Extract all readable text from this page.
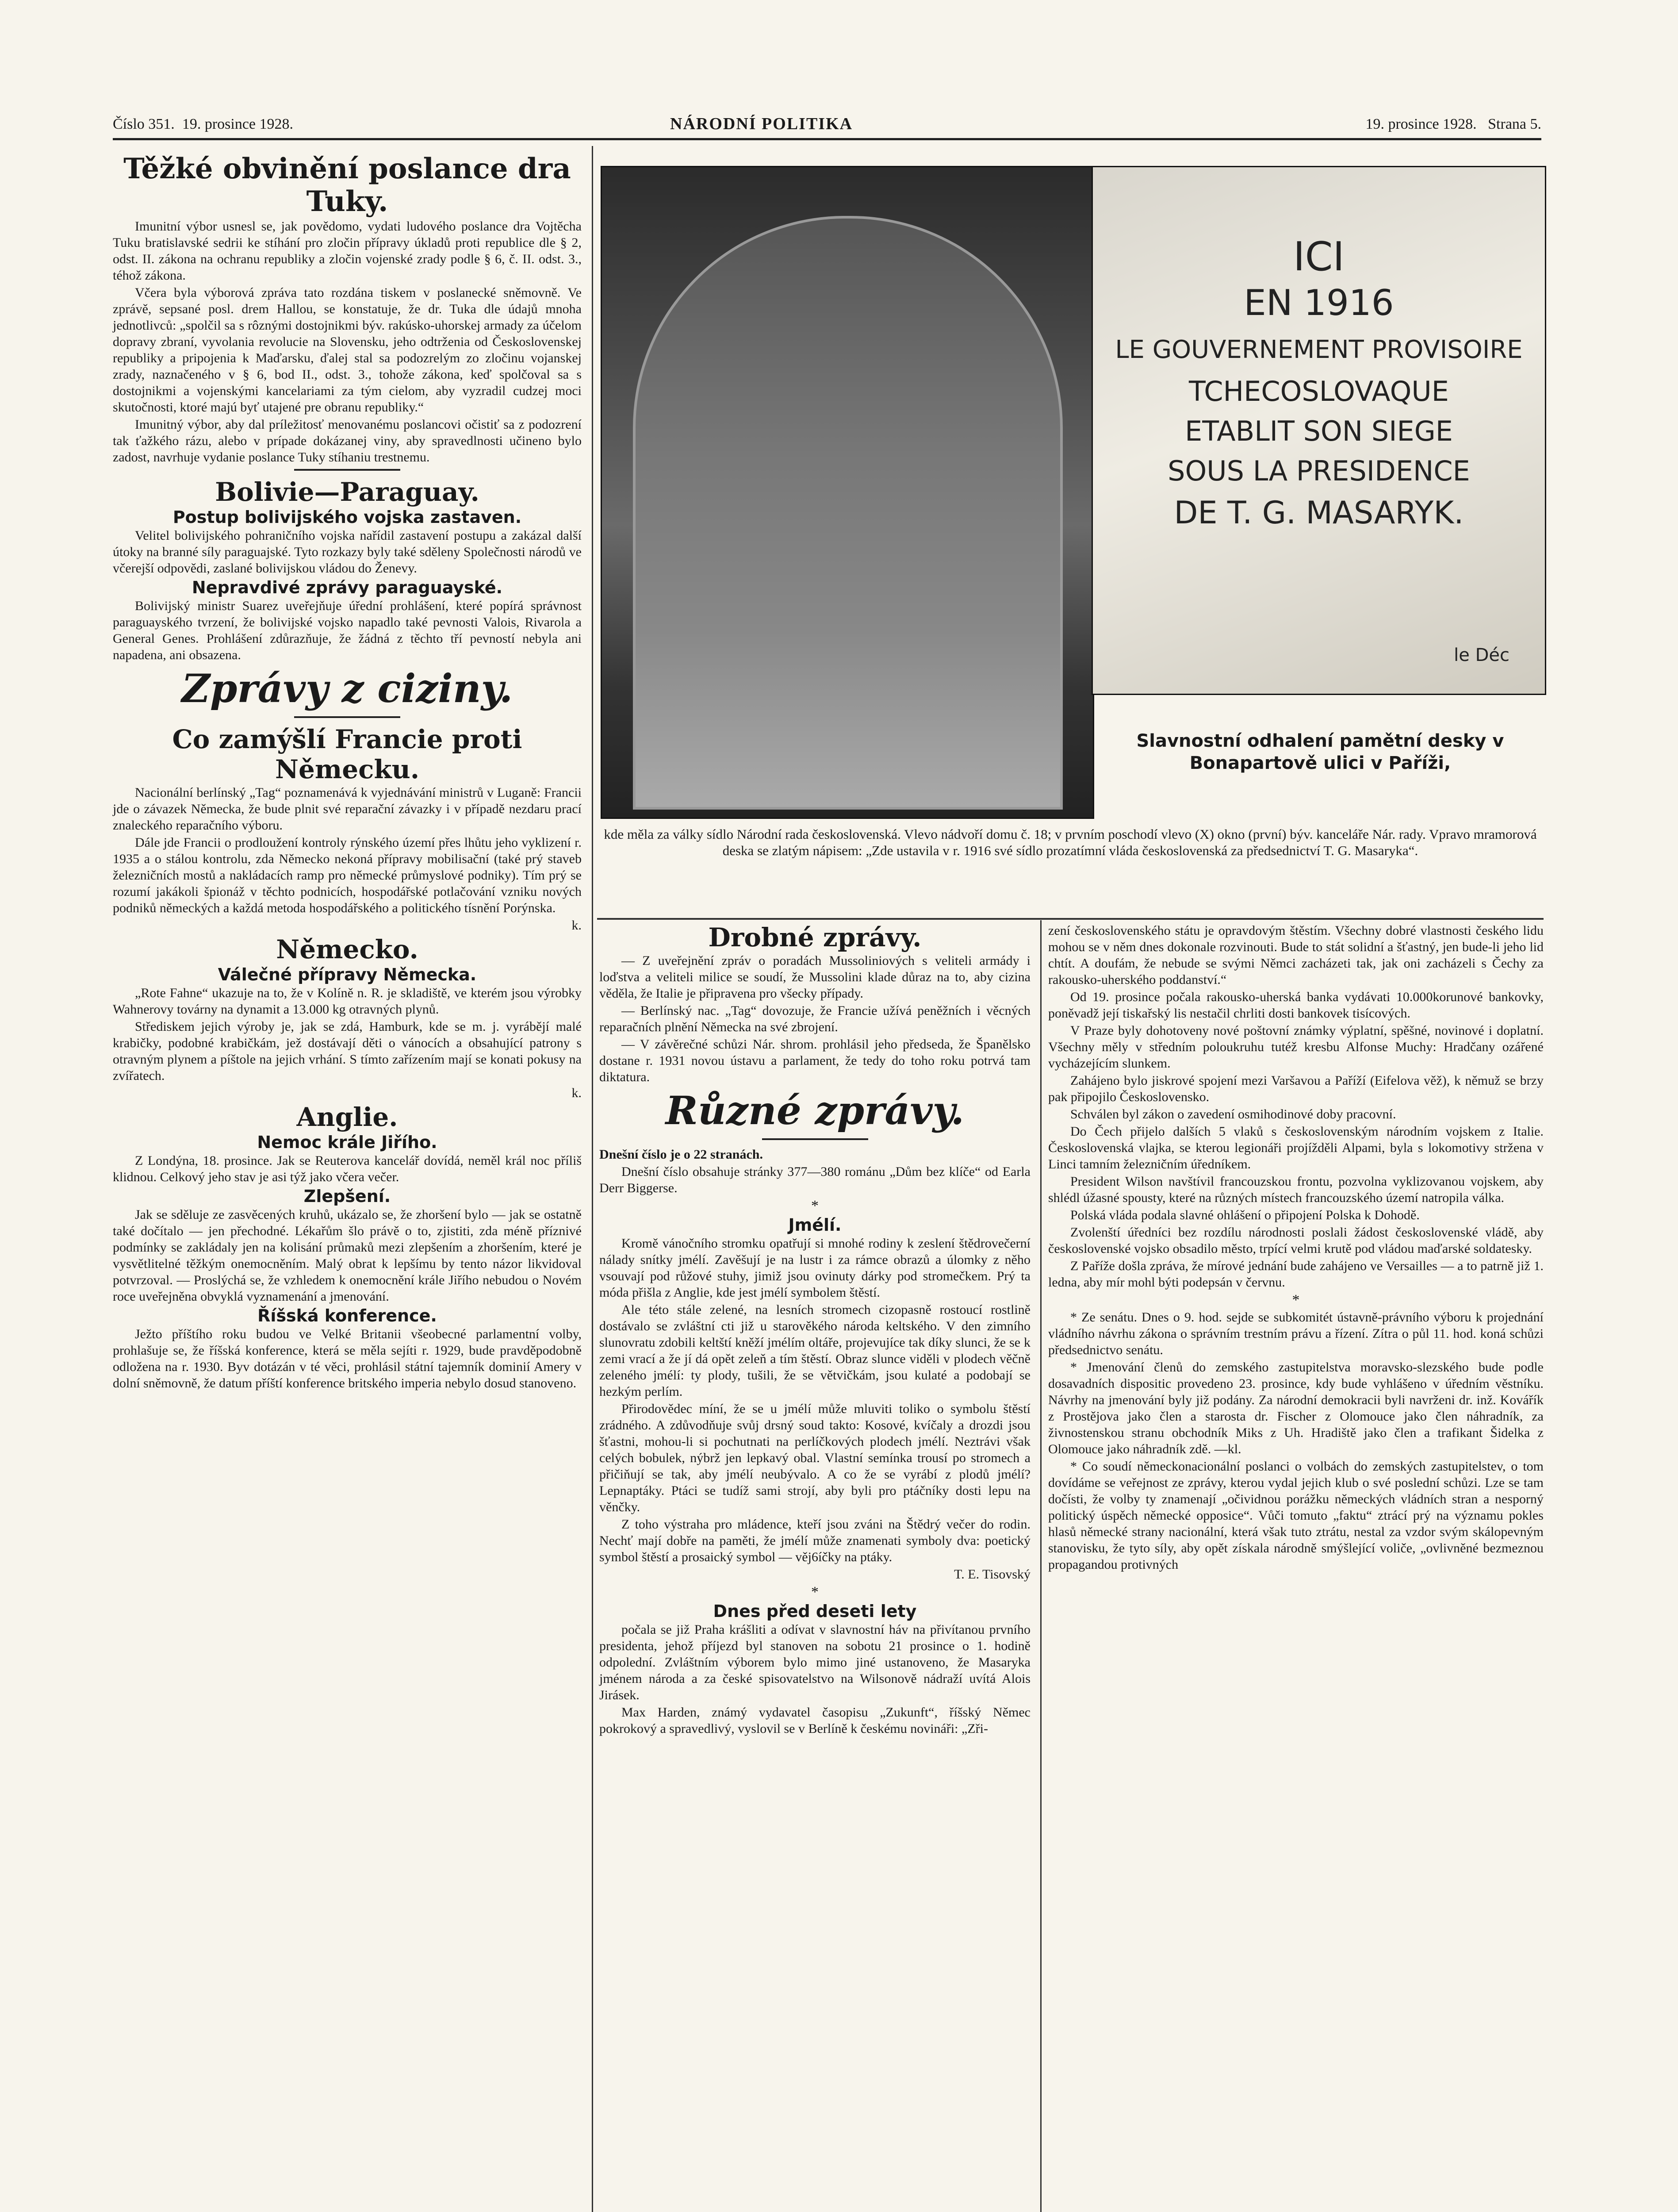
Číslo 351. 19. prosince 1928.	NÁRODNÍ POLITIKA	19. prosince 1928. Strana 5.
Těžké obvinění poslance dra Tuky.

Imunitní výbor usnesl se, jak povědomo, vydati ludového poslance dra Vojtěcha Tuku bratislavské sedrii ke stíhání pro zločin přípravy úkladů proti republice dle § 2, odst. II. zákona na ochranu republiky a zločin vojenské zrady podle § 6, č. II. odst. 3., téhož zákona.

Včera byla výborová zpráva tato rozdána tiskem v poslanecké sněmovně. Ve zprávě, sepsané posl. drem Hallou, se konstatuje, že dr. Tuka dle údajů mnoha jednotlivců: „spolčil sa s rôznými dostojnikmi býv. rakúsko-uhorskej armady za účelom dopravy zbraní, vyvolania revolucie na Slovensku, jeho odtrženia od Československej republiky a pripojenia k Maďarsku, ďalej stal sa podozrelým zo zločinu vojanskej zrady, naznačeného v § 6, bod II., odst. 3., tohože zákona, keď spolčoval sa s dostojnikmi a vojenskými kancelariami za tým cielom, aby vyzradil cudzej moci skutočnosti, ktoré majú byť utajené pre obranu republiky.“

Imunitný výbor, aby dal príležitosť menovanému poslancovi očistiť sa z podozrení tak ťažkého rázu, alebo v prípade dokázanej viny, aby spravedlnosti učineno bylo zadost, navrhuje vydanie poslance Tuky stíhaniu trestnemu.

Bolivie—Paraguay.
Postup bolivijského vojska zastaven.

Velitel bolivijského pohraničního vojska nařídil zastavení postupu a zakázal další útoky na branné síly paraguajské. Tyto rozkazy byly také sděleny Společnosti národů ve včerejší odpovědi, zaslané bolivijskou vládou do Ženevy.

Nepravdivé zprávy paraguayské.

Bolivijský ministr Suarez uveřejňuje úřední prohlášení, které popírá správnost paraguayského tvrzení, že bolivijské vojsko napadlo také pevnosti Valois, Rivarola a General Genes. Prohlášení zdůrazňuje, že žádná z těchto tří pevností nebyla ani napadena, ani obsazena.

Zprávy z ciziny.
Co zamýšlí Francie proti Německu.

Nacionální berlínský „Tag“ poznamenává k vyjednávání ministrů v Luganě: Francii jde o závazek Německa, že bude plnit své reparační závazky i v případě nezdaru prací znaleckého reparačního výboru.

Dále jde Francii o prodloužení kontroly rýnského území přes lhůtu jeho vyklizení r. 1935 a o stálou kontrolu, zda Německo nekoná přípravy mobilisační (také prý staveb železničních mostů a nakládacích ramp pro německé průmyslové podniky). Tím prý se rozumí jakákoli špionáž v těchto podnicích, hospodářské potlačování vzniku nových podniků německých a každá metoda hospodářského a politického tísnění Porýnska.

k.

Německo.
Válečné přípravy Německa.

„Rote Fahne“ ukazuje na to, že v Kolíně n. R. je skladiště, ve kterém jsou výrobky Wahnerovy továrny na dynamit a 13.000 kg otravných plynů.

Střediskem jejich výroby je, jak se zdá, Hamburk, kde se m. j. vyrábějí malé krabičky, podobné krabičkám, jež dostávají děti o vánocích a obsahující patrony s otravným plynem a píštole na jejich vrhání. S tímto zařízením mají se konati pokusy na zvířatech.

k.

Anglie.
Nemoc krále Jiřího.

Z Londýna, 18. prosince. Jak se Reuterova kancelář dovídá, neměl král noc příliš klidnou. Celkový jeho stav je asi týž jako včera večer.

Zlepšení.

Jak se sděluje ze zasvěcených kruhů, ukázalo se, že zhoršení bylo — jak se ostatně také dočítalo — jen přechodné. Lékařům šlo právě o to, zjistiti, zda méně příznivé podmínky se zakládaly jen na kolisání průmaků mezi zlepšením a zhoršením, které je vysvětlitelné těžkým onemocněním. Malý obrat k lepšímu by tento názor likvidoval potvrzoval. — Proslýchá se, že vzhledem k onemocnění krále Jiřího nebudou o Novém roce uveřejněna obvyklá vyznamenání a jmenování.

Říšská konference.

Ježto příštího roku budou ve Velké Britanii všeobecné parlamentní volby, prohlašuje se, že říšská konference, která se měla sejíti r. 1929, bude pravděpodobně odložena na r. 1930. Byv dotázán v té věci, prohlásil státní tajemník dominií Amery v dolní sněmovně, že datum příští konference britského imperia nebylo dosud stanoveno.

ICI
EN 1916
LE GOUVERNEMENT PROVISOIRE
TCHECOSLOVAQUE
ETABLIT SON SIEGE
SOUS LA PRESIDENCE
DE T. G. MASARYK.
le Déc
Slavnostní odhalení pamětní desky v Bonapartově ulici v Paříži,
kde měla za války sídlo Národní rada československá. Vlevo nádvoří domu č. 18; v prvním poschodí vlevo (X) okno (první) býv. kanceláře Nár. rady. Vpravo mramorová deska se zlatým nápisem: „Zde ustavila v r. 1916 své sídlo prozatímní vláda československá za předsednictví T. G. Masaryka“.
Drobné zprávy.

— Z uveřejnění zpráv o poradách Mussoliniových s veliteli armády i loďstva a veliteli milice se soudí, že Mussolini klade důraz na to, aby cizina věděla, že Italie je připravena pro všecky případy.

— Berlínský nac. „Tag“ dovozuje, že Francie užívá peněžních i věcných reparačních plnění Německa na své zbrojení.

— V závěrečné schůzi Nár. shrom. prohlásil jeho předseda, že Španělsko dostane r. 1931 novou ústavu a parlament, že tedy do toho roku potrvá tam diktatura.

Různé zprávy.

Dnešní číslo je o 22 stranách.

Dnešní číslo obsahuje stránky 377—380 románu „Dům bez klíče“ od Earla Derr Biggerse.

*
Jmélí.

Kromě vánočního stromku opatřují si mnohé rodiny k zeslení štědrovečerní nálady snítky jmélí. Zavěšují je na lustr i za rámce obrazů a úlomky z něho vsouvají pod růžové stuhy, jimiž jsou ovinuty dárky pod stromečkem. Prý ta móda přišla z Anglie, kde jest jmélí symbolem štěstí.

Ale této stále zelené, na lesních stromech cizopasně rostoucí rostlině dostávalo se zvláštní cti již u starověkého národa keltského. V den zimního slunovratu zdobili keltští kněží jmélím oltáře, projevujíce tak díky slunci, že se k zemi vrací a že jí dá opět zeleň a tím štěstí. Obraz slunce viděli v plodech věčně zeleného jmélí: ty plody, tušili, že se větvičkám, jsou kulaté a podobají se hezkým perlím.

Přirodovědec míní, že se u jmélí může mluviti toliko o symbolu štěstí zrádného. A zdůvodňuje svůj drsný soud takto: Kosové, kvíčaly a drozdi jsou šťastni, mohou-li si pochutnati na perlíčkových plodech jmélí. Neztrávi však celých bobulek, nýbrž jen lepkavý obal. Vlastní semínka trousí po stromech a přičiňují se tak, aby jmélí neubývalo. A co že se vyrábí z plodů jmélí? Lepnaptáky. Ptáci se tudíž sami strojí, aby byli pro ptáčníky dosti lepu na věnčky.

Z toho výstraha pro mládence, kteří jsou zváni na Štědrý večer do rodin. Nechť mají dobře na paměti, že jmélí může znamenati symboly dva: poetický symbol štěstí a prosaický symbol — věj6íčky na ptáky.

T. E. Tisovský

*
Dnes před deseti lety

počala se již Praha krášliti a odívat v slavnostní háv na přivítanou prvního presidenta, jehož příjezd byl stanoven na sobotu 21 prosince o 1. hodině odpolední. Zvláštním výborem bylo mimo jiné ustanoveno, že Masaryka jménem národa a za české spisovatelstvo na Wilsonově nádraží uvítá Alois Jirásek.

Max Harden, známý vydavatel časopisu „Zukunft“, říšský Němec pokrokový a spravedlivý, vyslovil se v Berlíně k českému novináři: „Zři-

zení československého státu je opravdovým štěstím. Všechny dobré vlastnosti českého lidu mohou se v něm dnes dokonale rozvinouti. Bude to stát solidní a šťastný, jen bude-li jeho lid chtít. A doufám, že nebude se svými Němci zacházeti tak, jak oni zacházeli s Čechy za rakousko-uherského poddanství.“

Od 19. prosince počala rakousko-uherská banka vydávati 10.000korunové bankovky, poněvadž její tiskařský lis nestačil chrliti dosti bankovek tisícových.

V Praze byly dohotoveny nové poštovní známky výplatní, spěšné, novinové i doplatní. Všechny měly v středním poloukruhu tutéž kresbu Alfonse Muchy: Hradčany ozářené vycházejícím slunkem.

Zahájeno bylo jiskrové spojení mezi Varšavou a Paříží (Eifelova věž), k němuž se brzy pak připojilo Československo.

Schválen byl zákon o zavedení osmihodinové doby pracovní.

Do Čech přijelo dalších 5 vlaků s československým národním vojskem z Italie. Československá vlajka, se kterou legionáři projížděli Alpami, byla s lokomotivy stržena v Linci tamním železničním úředníkem.

President Wilson navštívil francouzskou frontu, pozvolna vyklizovanou vojskem, aby shlédl úžasné spousty, které na různých místech francouzského území natropila válka.

Polská vláda podala slavné ohlášení o připojení Polska k Dohodě.

Zvolenští úředníci bez rozdílu národnosti poslali žádost československé vládě, aby československé vojsko obsadilo město, trpící velmi krutě pod vládou maďarské soldatesky.

Z Paříže došla zpráva, že mírové jednání bude zahájeno ve Versailles — a to patrně již 1. ledna, aby mír mohl býti podepsán v červnu.

*

* Ze senátu. Dnes o 9. hod. sejde se subkomitét ústavně-právního výboru k projednání vládního návrhu zákona o správním trestním právu a řízení. Zítra o půl 11. hod. koná schůzi předsednictvo senátu.

* Jmenování členů do zemského zastupitelstva moravsko-slezského bude podle dosavadních dispositic provedeno 23. prosince, kdy bude vyhlášeno v úředním věstníku. Návrhy na jmenování byly již podány. Za národní demokracii byli navrženi dr. inž. Kovářík z Prostějova jako člen a starosta dr. Fischer z Olomouce jako člen náhradník, za živnostenskou stranu obchodník Miks z Uh. Hradiště jako člen a trafikant Šidelka z Olomouce jako náhradník zdě. —kl.

* Co soudí německonacionální poslanci o volbách do zemských zastupitelstev, o tom dovídáme se veřejnost ze zprávy, kterou vydal jejich klub o své poslední schůzi. Lze se tam dočísti, že volby ty znamenají „očividnou porážku německých vládních stran a nesporný politický úspěch německé opposice“. Vůči tomuto „faktu“ ztrácí prý na významu pokles hlasů německé strany nacionální, která však tuto ztrátu, nestal za vzdor svým skálopevným stanovisku, že tyto síly, aby opět získala národně smýšlející voliče, „ovlivněné bezmeznou propagandou protivných
